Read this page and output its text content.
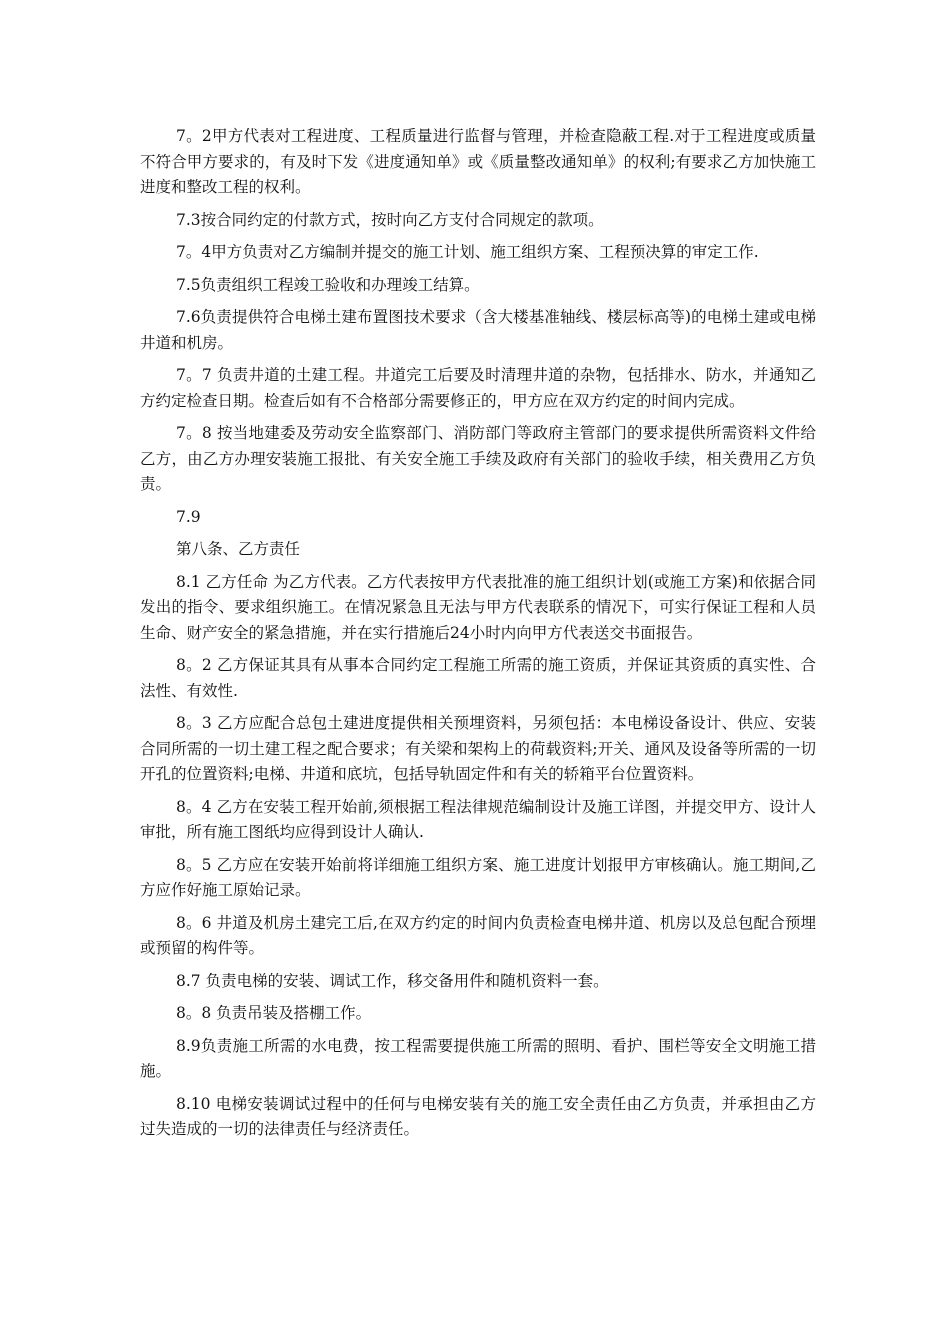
7。2甲方代表对工程进度、工程质量进行监督与管理，并检查隐蔽工程.对于工程进度或质量不符合甲方要求的，有及时下发《进度通知单》或《质量整改通知单》的权利;有要求乙方加快施工进度和整改工程的权利。

7.3按合同约定的付款方式，按时向乙方支付合同规定的款项。

7。4甲方负责对乙方编制并提交的施工计划、施工组织方案、工程预决算的审定工作.

7.5负责组织工程竣工验收和办理竣工结算。

7.6负责提供符合电梯土建布置图技术要求（含大楼基准轴线、楼层标高等)的电梯土建或电梯井道和机房。

7。7 负责井道的土建工程。井道完工后要及时清理井道的杂物，包括排水、防水，并通知乙方约定检查日期。检查后如有不合格部分需要修正的，甲方应在双方约定的时间内完成。

7。8 按当地建委及劳动安全监察部门、消防部门等政府主管部门的要求提供所需资料文件给乙方，由乙方办理安装施工报批、有关安全施工手续及政府有关部门的验收手续，相关费用乙方负责。

7.9

第八条、乙方责任

8.1 乙方任命 为乙方代表。乙方代表按甲方代表批准的施工组织计划(或施工方案)和依据合同发出的指令、要求组织施工。在情况紧急且无法与甲方代表联系的情况下，可实行保证工程和人员生命、财产安全的紧急措施，并在实行措施后24小时内向甲方代表送交书面报告。

8。2 乙方保证其具有从事本合同约定工程施工所需的施工资质，并保证其资质的真实性、合法性、有效性.

8。3 乙方应配合总包土建进度提供相关预埋资料，另须包括：本电梯设备设计、供应、安装合同所需的一切土建工程之配合要求；有关梁和架构上的荷载资料;开关、通风及设备等所需的一切开孔的位置资料;电梯、井道和底坑，包括导轨固定件和有关的轿箱平台位置资料。

8。4 乙方在安装工程开始前,须根据工程法律规范编制设计及施工详图，并提交甲方、设计人审批，所有施工图纸均应得到设计人确认.

8。5 乙方应在安装开始前将详细施工组织方案、施工进度计划报甲方审核确认。施工期间,乙方应作好施工原始记录。

8。6 井道及机房土建完工后,在双方约定的时间内负责检查电梯井道、机房以及总包配合预埋或预留的构件等。

8.7 负责电梯的安装、调试工作，移交备用件和随机资料一套。

8。8 负责吊装及搭棚工作。

8.9负责施工所需的水电费，按工程需要提供施工所需的照明、看护、围栏等安全文明施工措施。

8.10 电梯安装调试过程中的任何与电梯安装有关的施工安全责任由乙方负责，并承担由乙方过失造成的一切的法律责任与经济责任。
